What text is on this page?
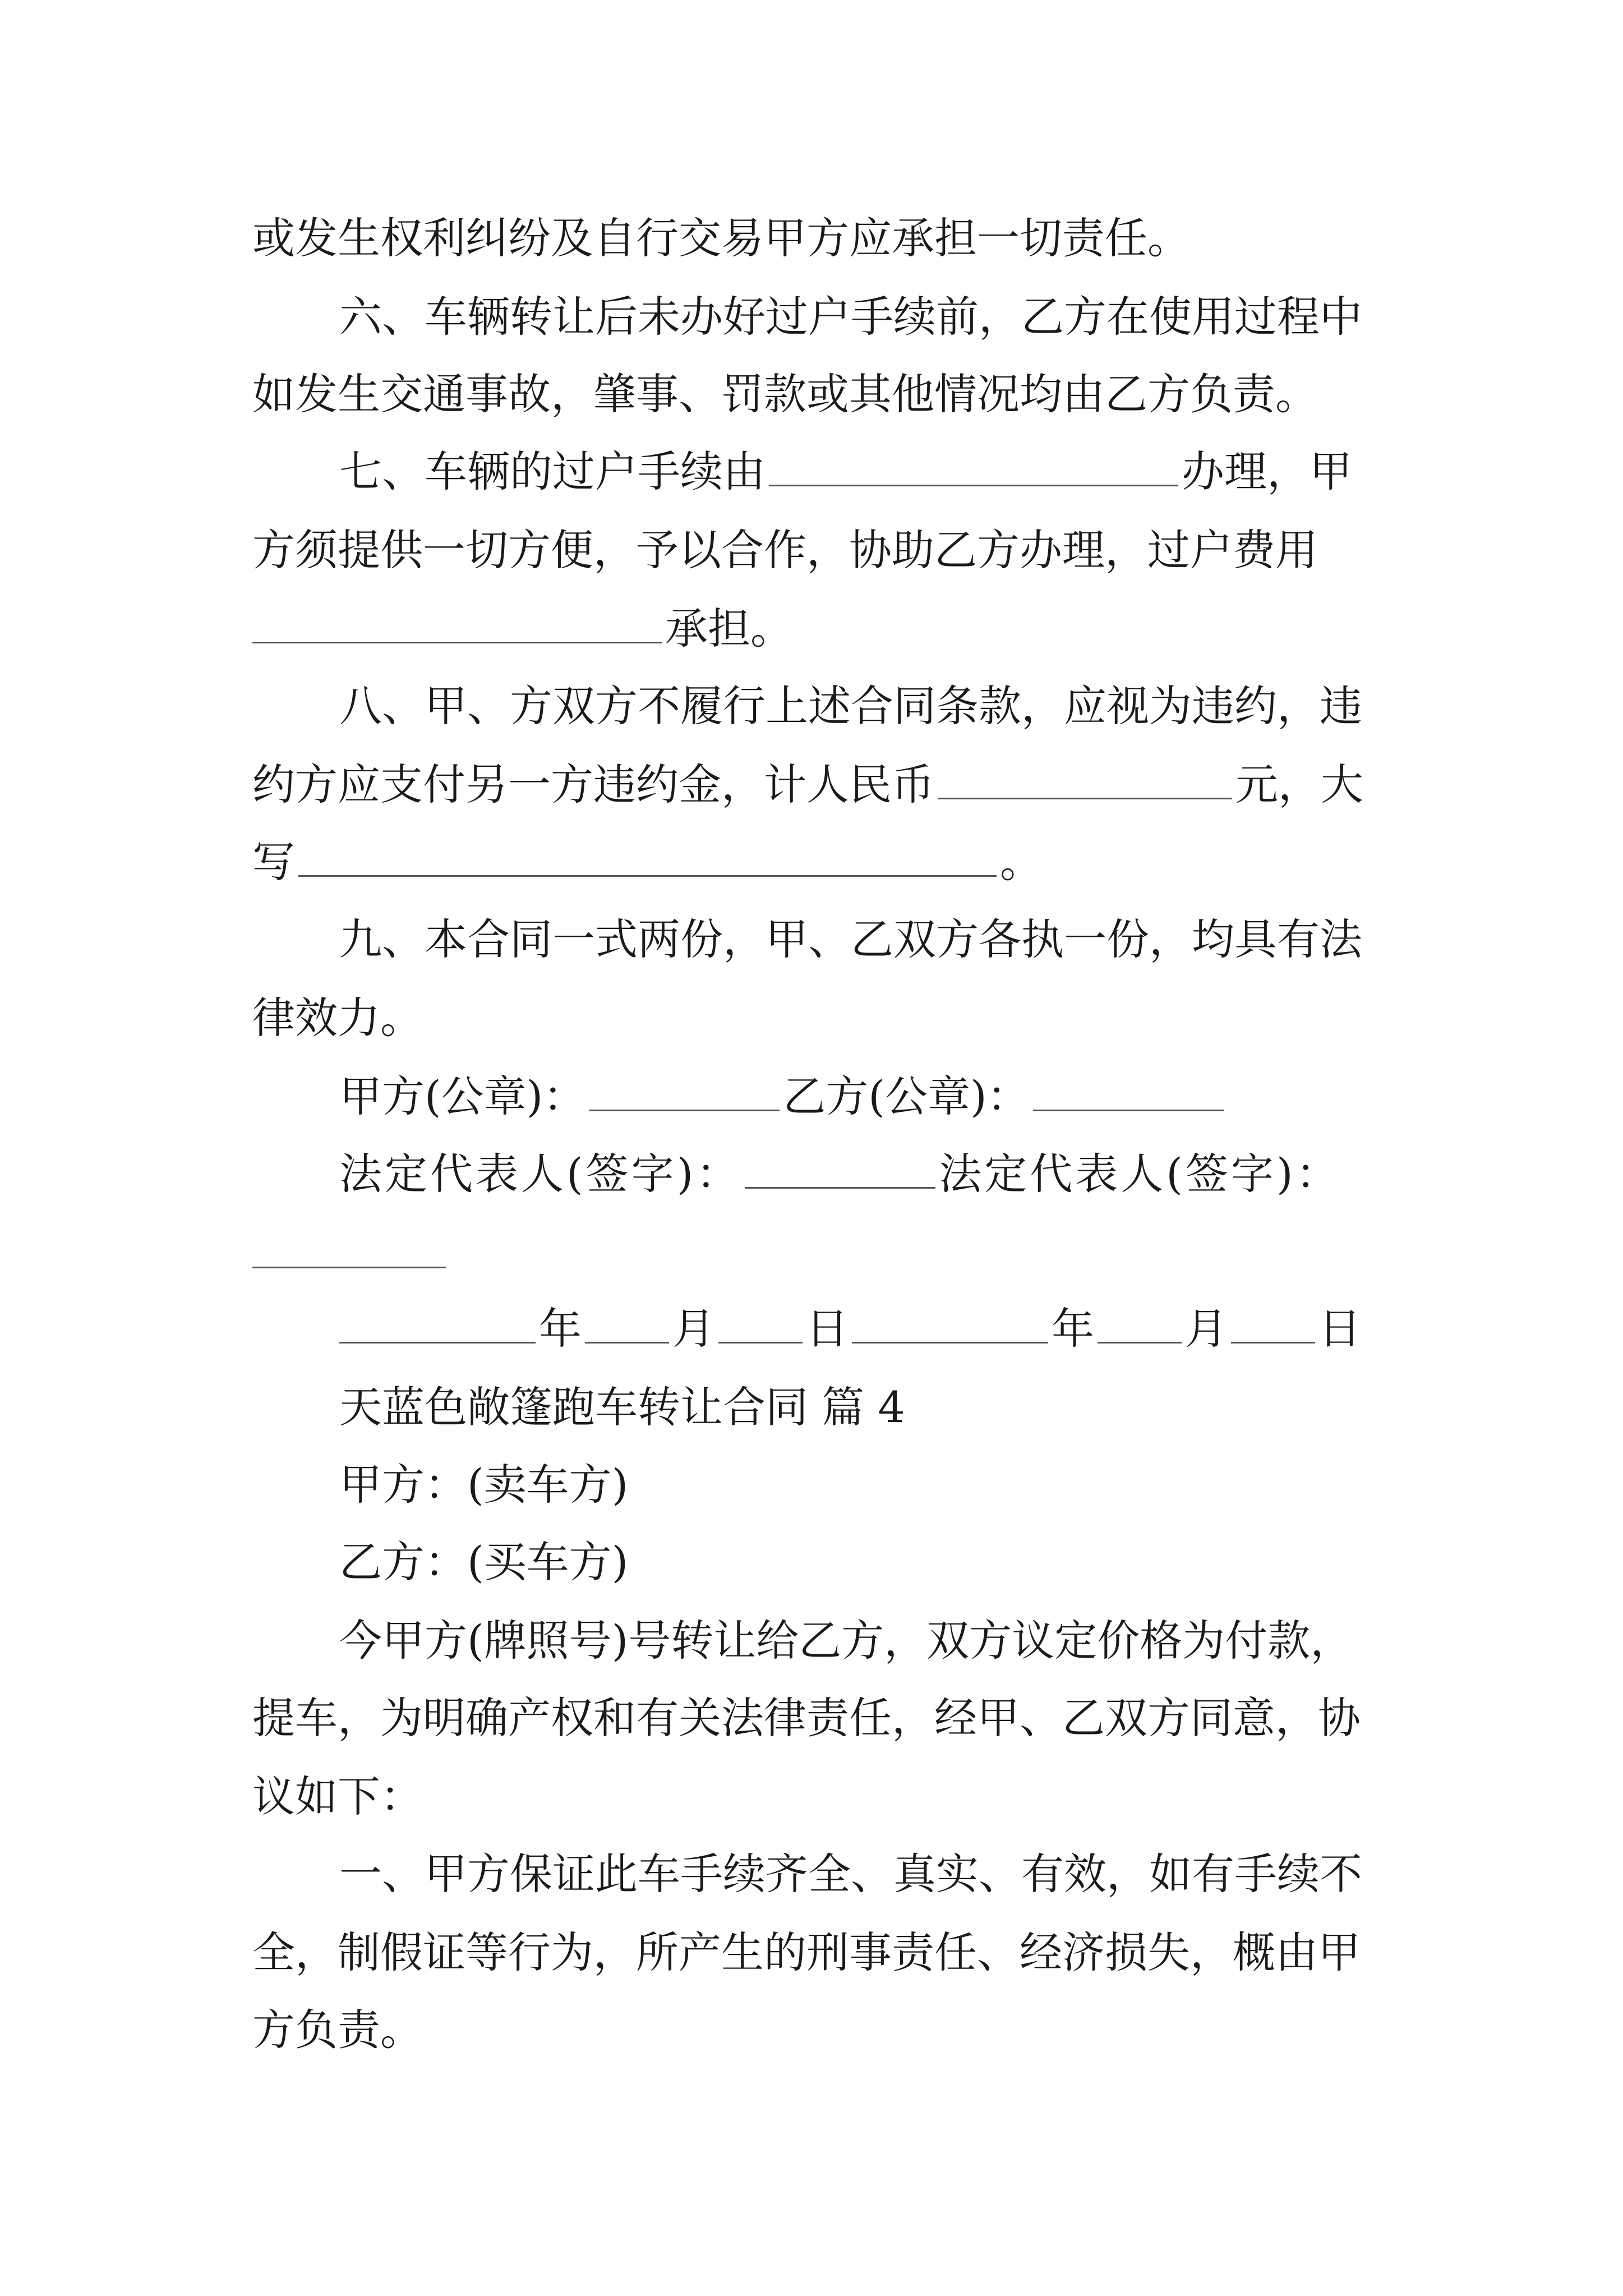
或发生权利纠纷及自行交易甲方应承担一切责任。
六、车辆转让后未办好过户手续前，乙方在使用过程中
如发生交通事故，肇事、罚款或其他情况均由乙方负责。
七、车辆的过户手续由	办理，甲
方须提供一切方便，予以合作，协助乙方办理，过户费用
承担。
八、甲、方双方不履行上述合同条款，应视为违约，违
约方应支付另一方违约金，计人民币	元，大
写	。
九、本合同一式两份，甲、乙双方各执一份，均具有法
律效力。
甲方(公章)：	乙方(公章)：
法定代表人(签字)：	法定代表人(签字)：
年 月 日	年 月 日
天蓝色敞篷跑车转让合同 篇 4
甲方：(卖车方)
乙方：(买车方)
今甲方(牌照号)号转让给乙方，双方议定价格为付款，
提车，为明确产权和有关法律责任，经甲、乙双方同意，协
议如下：
一、甲方保证此车手续齐全、真实、有效，如有手续不
全，制假证等行为，所产生的刑事责任、经济损失，概由甲
方负责。
